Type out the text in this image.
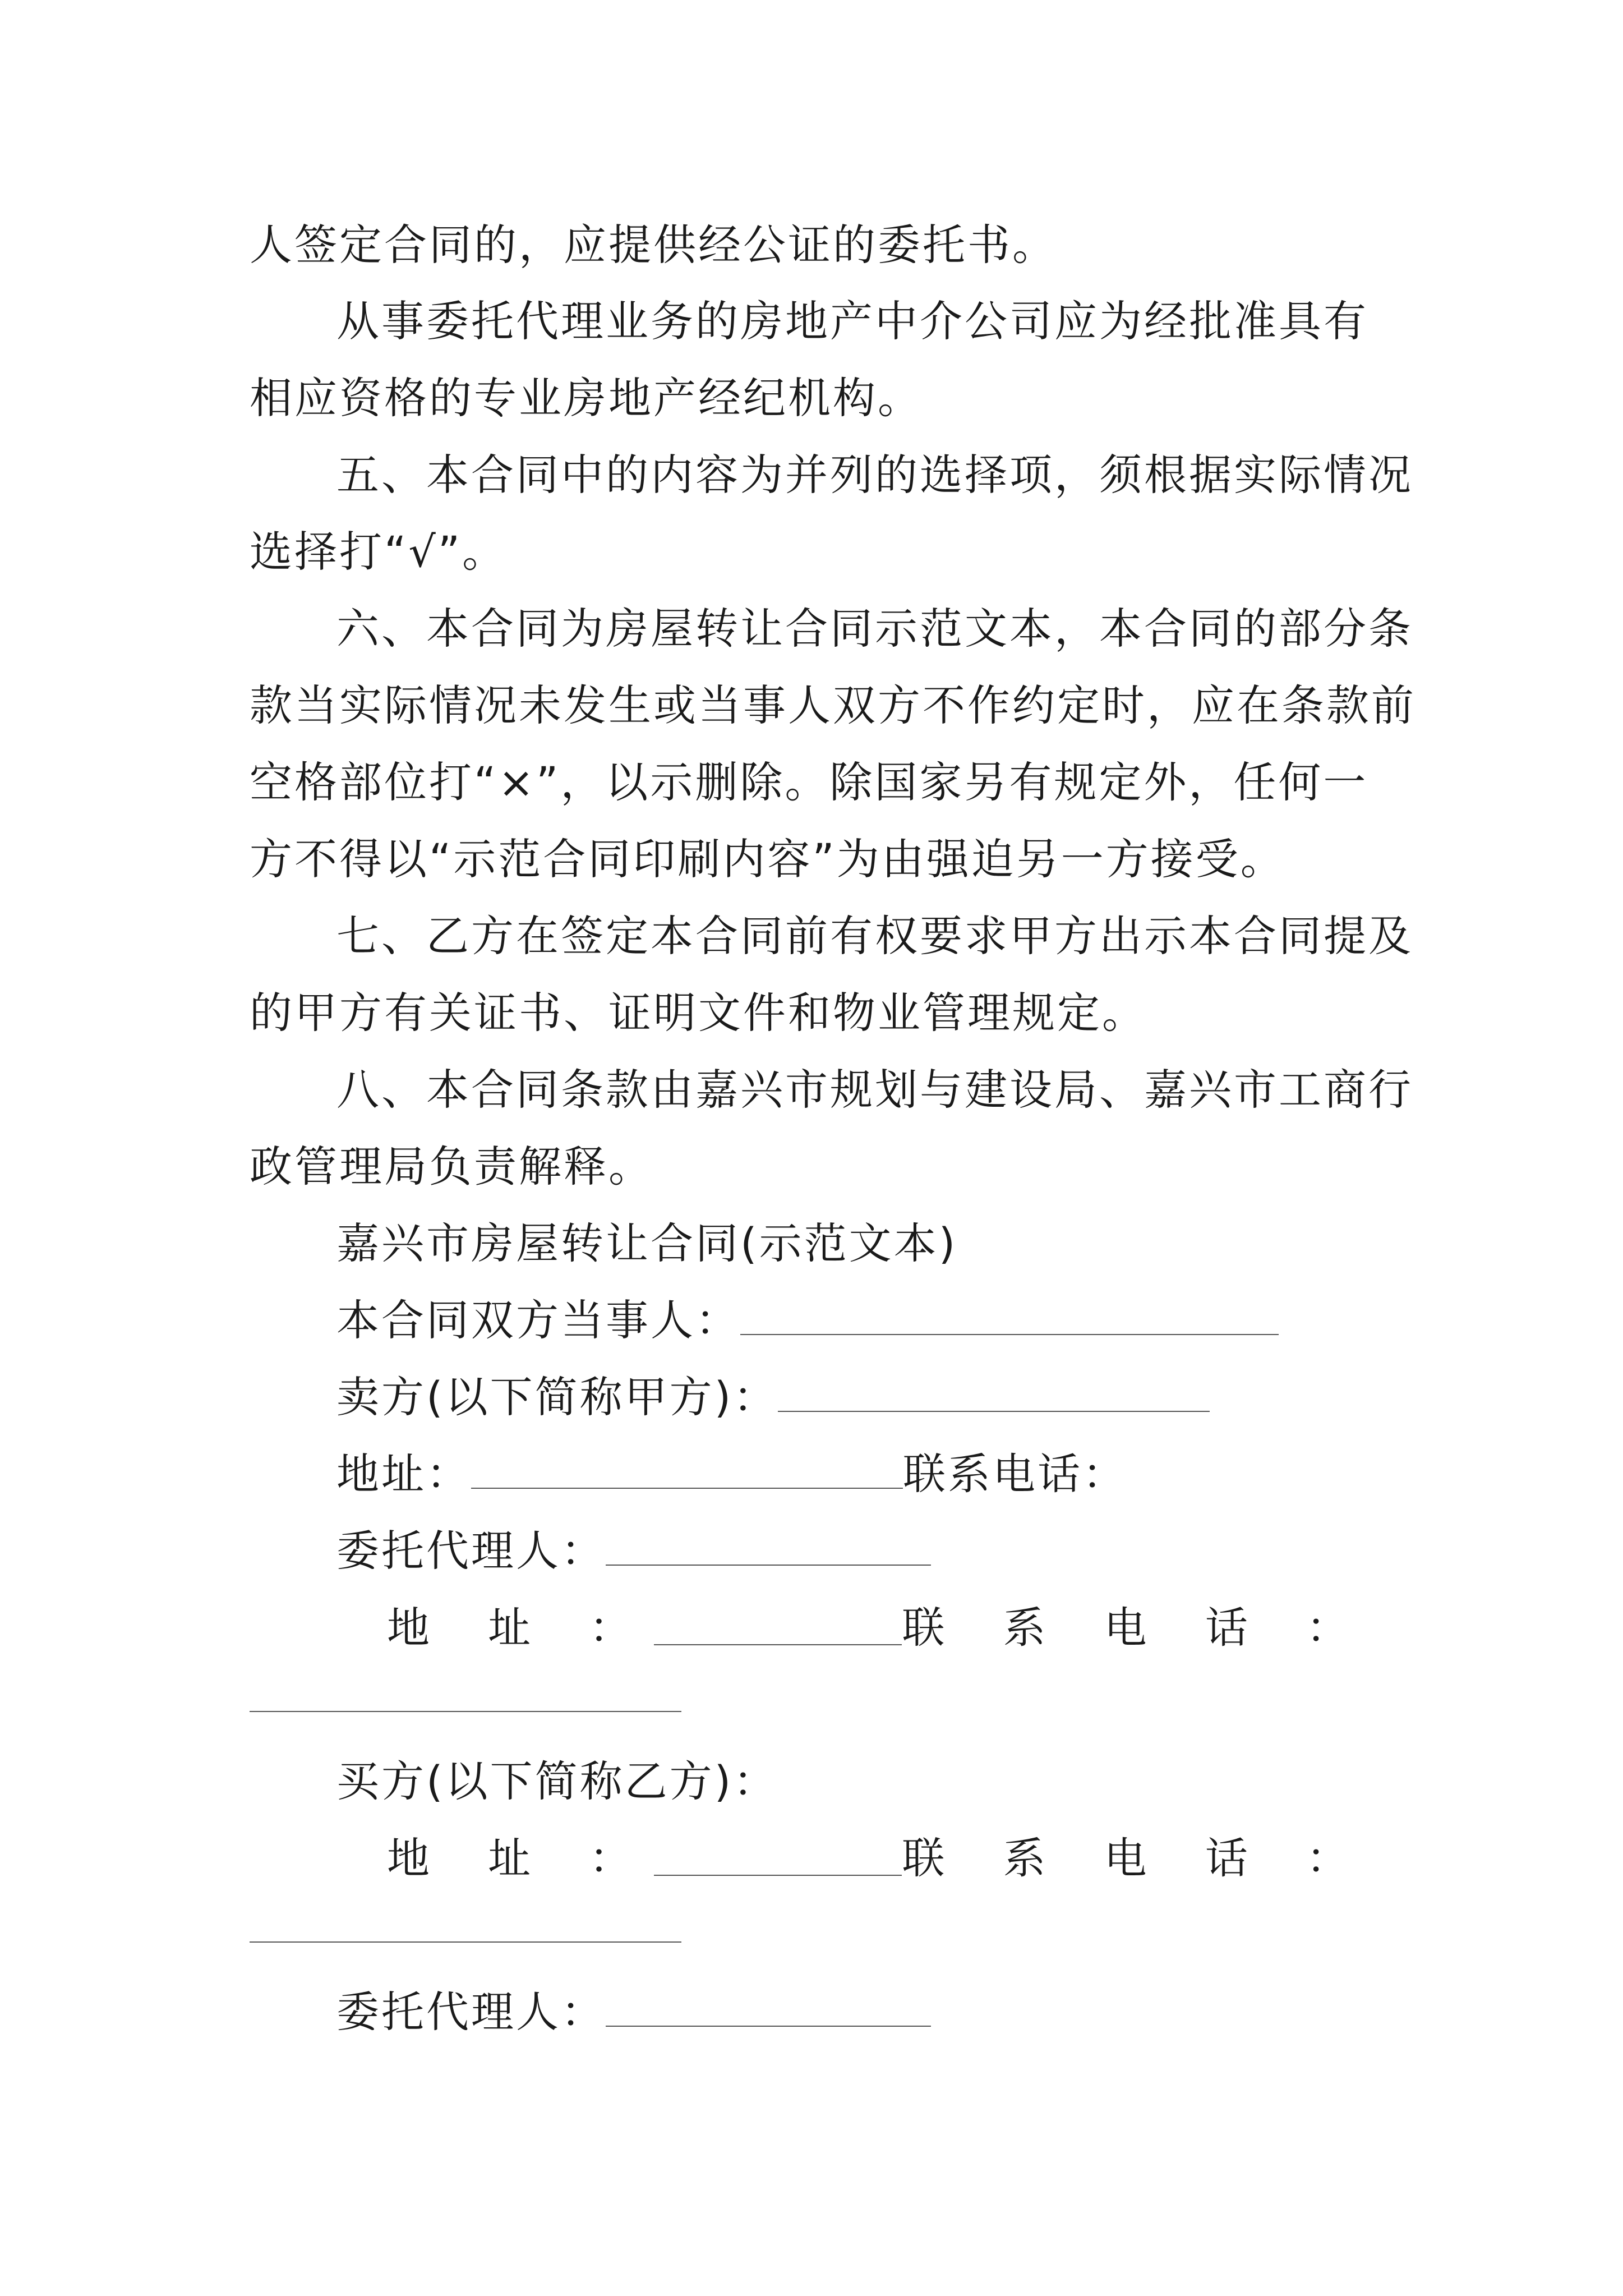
人签定合同的，应提供经公证的委托书。
从事委托代理业务的房地产中介公司应为经批准具有
相应资格的专业房地产经纪机构。
五、本合同中的内容为并列的选择项，须根据实际情况
选择打“√”。
六、本合同为房屋转让合同示范文本，本合同的部分条
款当实际情况未发生或当事人双方不作约定时，应在条款前
空格部位打“×”，以示删除。除国家另有规定外，任何一
方不得以“示范合同印刷内容”为由强迫另一方接受。
七、乙方在签定本合同前有权要求甲方出示本合同提及
的甲方有关证书、证明文件和物业管理规定。
八、本合同条款由嘉兴市规划与建设局、嘉兴市工商行
政管理局负责解释。
嘉兴市房屋转让合同(示范文本)
本合同双方当事人：
卖方(以下简称甲方)：
地址：	联系电话：
委托代理人：
地 址 ：	联 系 电 话 ：
买方(以下简称乙方)：
地 址 ：	联 系 电 话 ：
委托代理人：
